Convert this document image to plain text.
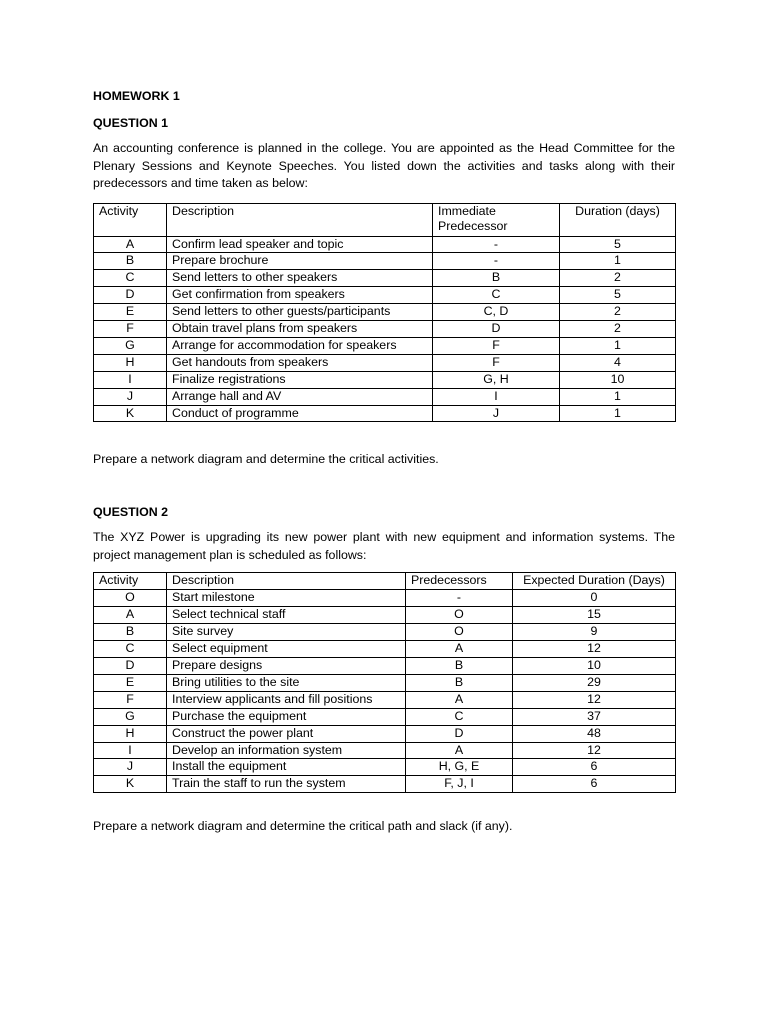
HOMEWORK 1
QUESTION 1
An accounting conference is planned in the college. You are appointed as the Head Committee for the Plenary Sessions and Keynote Speeches. You listed down the activities and tasks along with their predecessors and time taken as below:
Activity	Description	Immediate Predecessor	Duration (days)
A	Confirm lead speaker and topic	-	5
B	Prepare brochure	-	1
C	Send letters to other speakers	B	2
D	Get confirmation from speakers	C	5
E	Send letters to other guests/participants	C, D	2
F	Obtain travel plans from speakers	D	2
G	Arrange for accommodation for speakers	F	1
H	Get handouts from speakers	F	4
I	Finalize registrations	G, H	10
J	Arrange hall and AV	I	1
K	Conduct of programme	J	1
Prepare a network diagram and determine the critical activities.
QUESTION 2
The XYZ Power is upgrading its new power plant with new equipment and information systems. The project management plan is scheduled as follows:
Activity	Description	Predecessors	Expected Duration (Days)
O	Start milestone	-	0
A	Select technical staff	O	15
B	Site survey	O	9
C	Select equipment	A	12
D	Prepare designs	B	10
E	Bring utilities to the site	B	29
F	Interview applicants and fill positions	A	12
G	Purchase the equipment	C	37
H	Construct the power plant	D	48
I	Develop an information system	A	12
J	Install the equipment	H, G, E	6
K	Train the staff to run the system	F, J, I	6
Prepare a network diagram and determine the critical path and slack (if any).
